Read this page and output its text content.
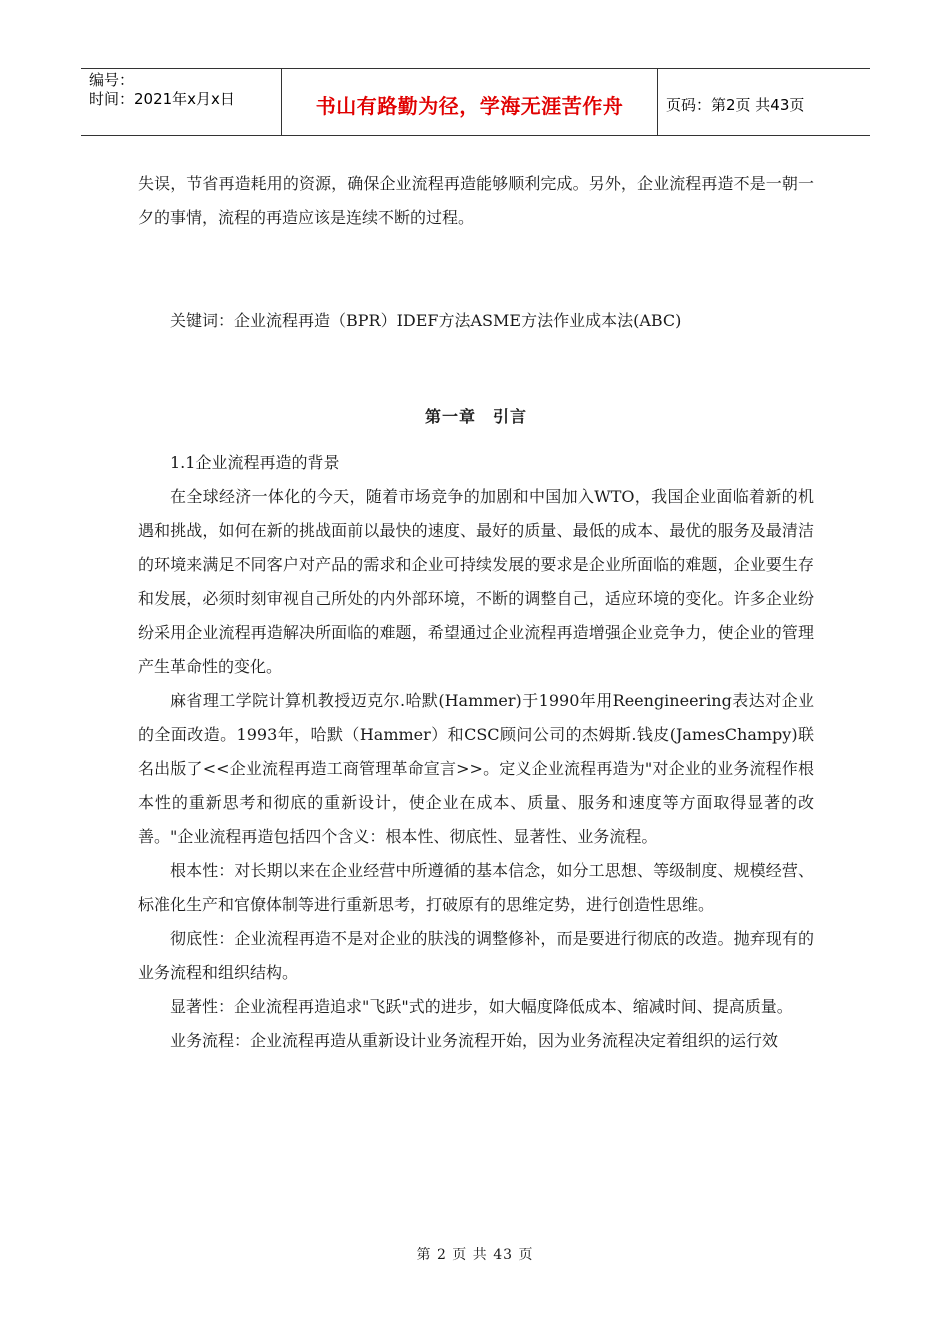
编号：
时间：2021年x月x日	书山有路勤为径，学海无涯苦作舟	页码：第2页 共43页

失误，节省再造耗用的资源，确保企业流程再造能够顺利完成。另外，企业流程再造不是一朝一夕的事情，流程的再造应该是连续不断的过程。

关键词：企业流程再造（BPR）IDEF方法ASME方法作业成本法(ABC)

第一章　引言

1.1企业流程再造的背景

在全球经济一体化的今天，随着市场竞争的加剧和中国加入WTO，我国企业面临着新的机遇和挑战，如何在新的挑战面前以最快的速度、最好的质量、最低的成本、最优的服务及最清洁的环境来满足不同客户对产品的需求和企业可持续发展的要求是企业所面临的难题，企业要生存和发展，必须时刻审视自己所处的内外部环境，不断的调整自己，适应环境的变化。许多企业纷纷采用企业流程再造解决所面临的难题，希望通过企业流程再造增强企业竞争力，使企业的管理产生革命性的变化。

麻省理工学院计算机教授迈克尔.哈默(Hammer)于1990年用Reengineering表达对企业的全面改造。1993年，哈默（Hammer）和CSC顾问公司的杰姆斯.钱皮(JamesChampy)联名出版了<<企业流程再造工商管理革命宣言>>。定义企业流程再造为"对企业的业务流程作根本性的重新思考和彻底的重新设计，使企业在成本、质量、服务和速度等方面取得显著的改善。"企业流程再造包括四个含义：根本性、彻底性、显著性、业务流程。

根本性：对长期以来在企业经营中所遵循的基本信念，如分工思想、等级制度、规模经营、标准化生产和官僚体制等进行重新思考，打破原有的思维定势，进行创造性思维。

彻底性：企业流程再造不是对企业的肤浅的调整修补，而是要进行彻底的改造。抛弃现有的业务流程和组织结构。

显著性：企业流程再造追求"飞跃"式的进步，如大幅度降低成本、缩减时间、提高质量。

业务流程：企业流程再造从重新设计业务流程开始，因为业务流程决定着组织的运行效

第 2 页 共 43 页
